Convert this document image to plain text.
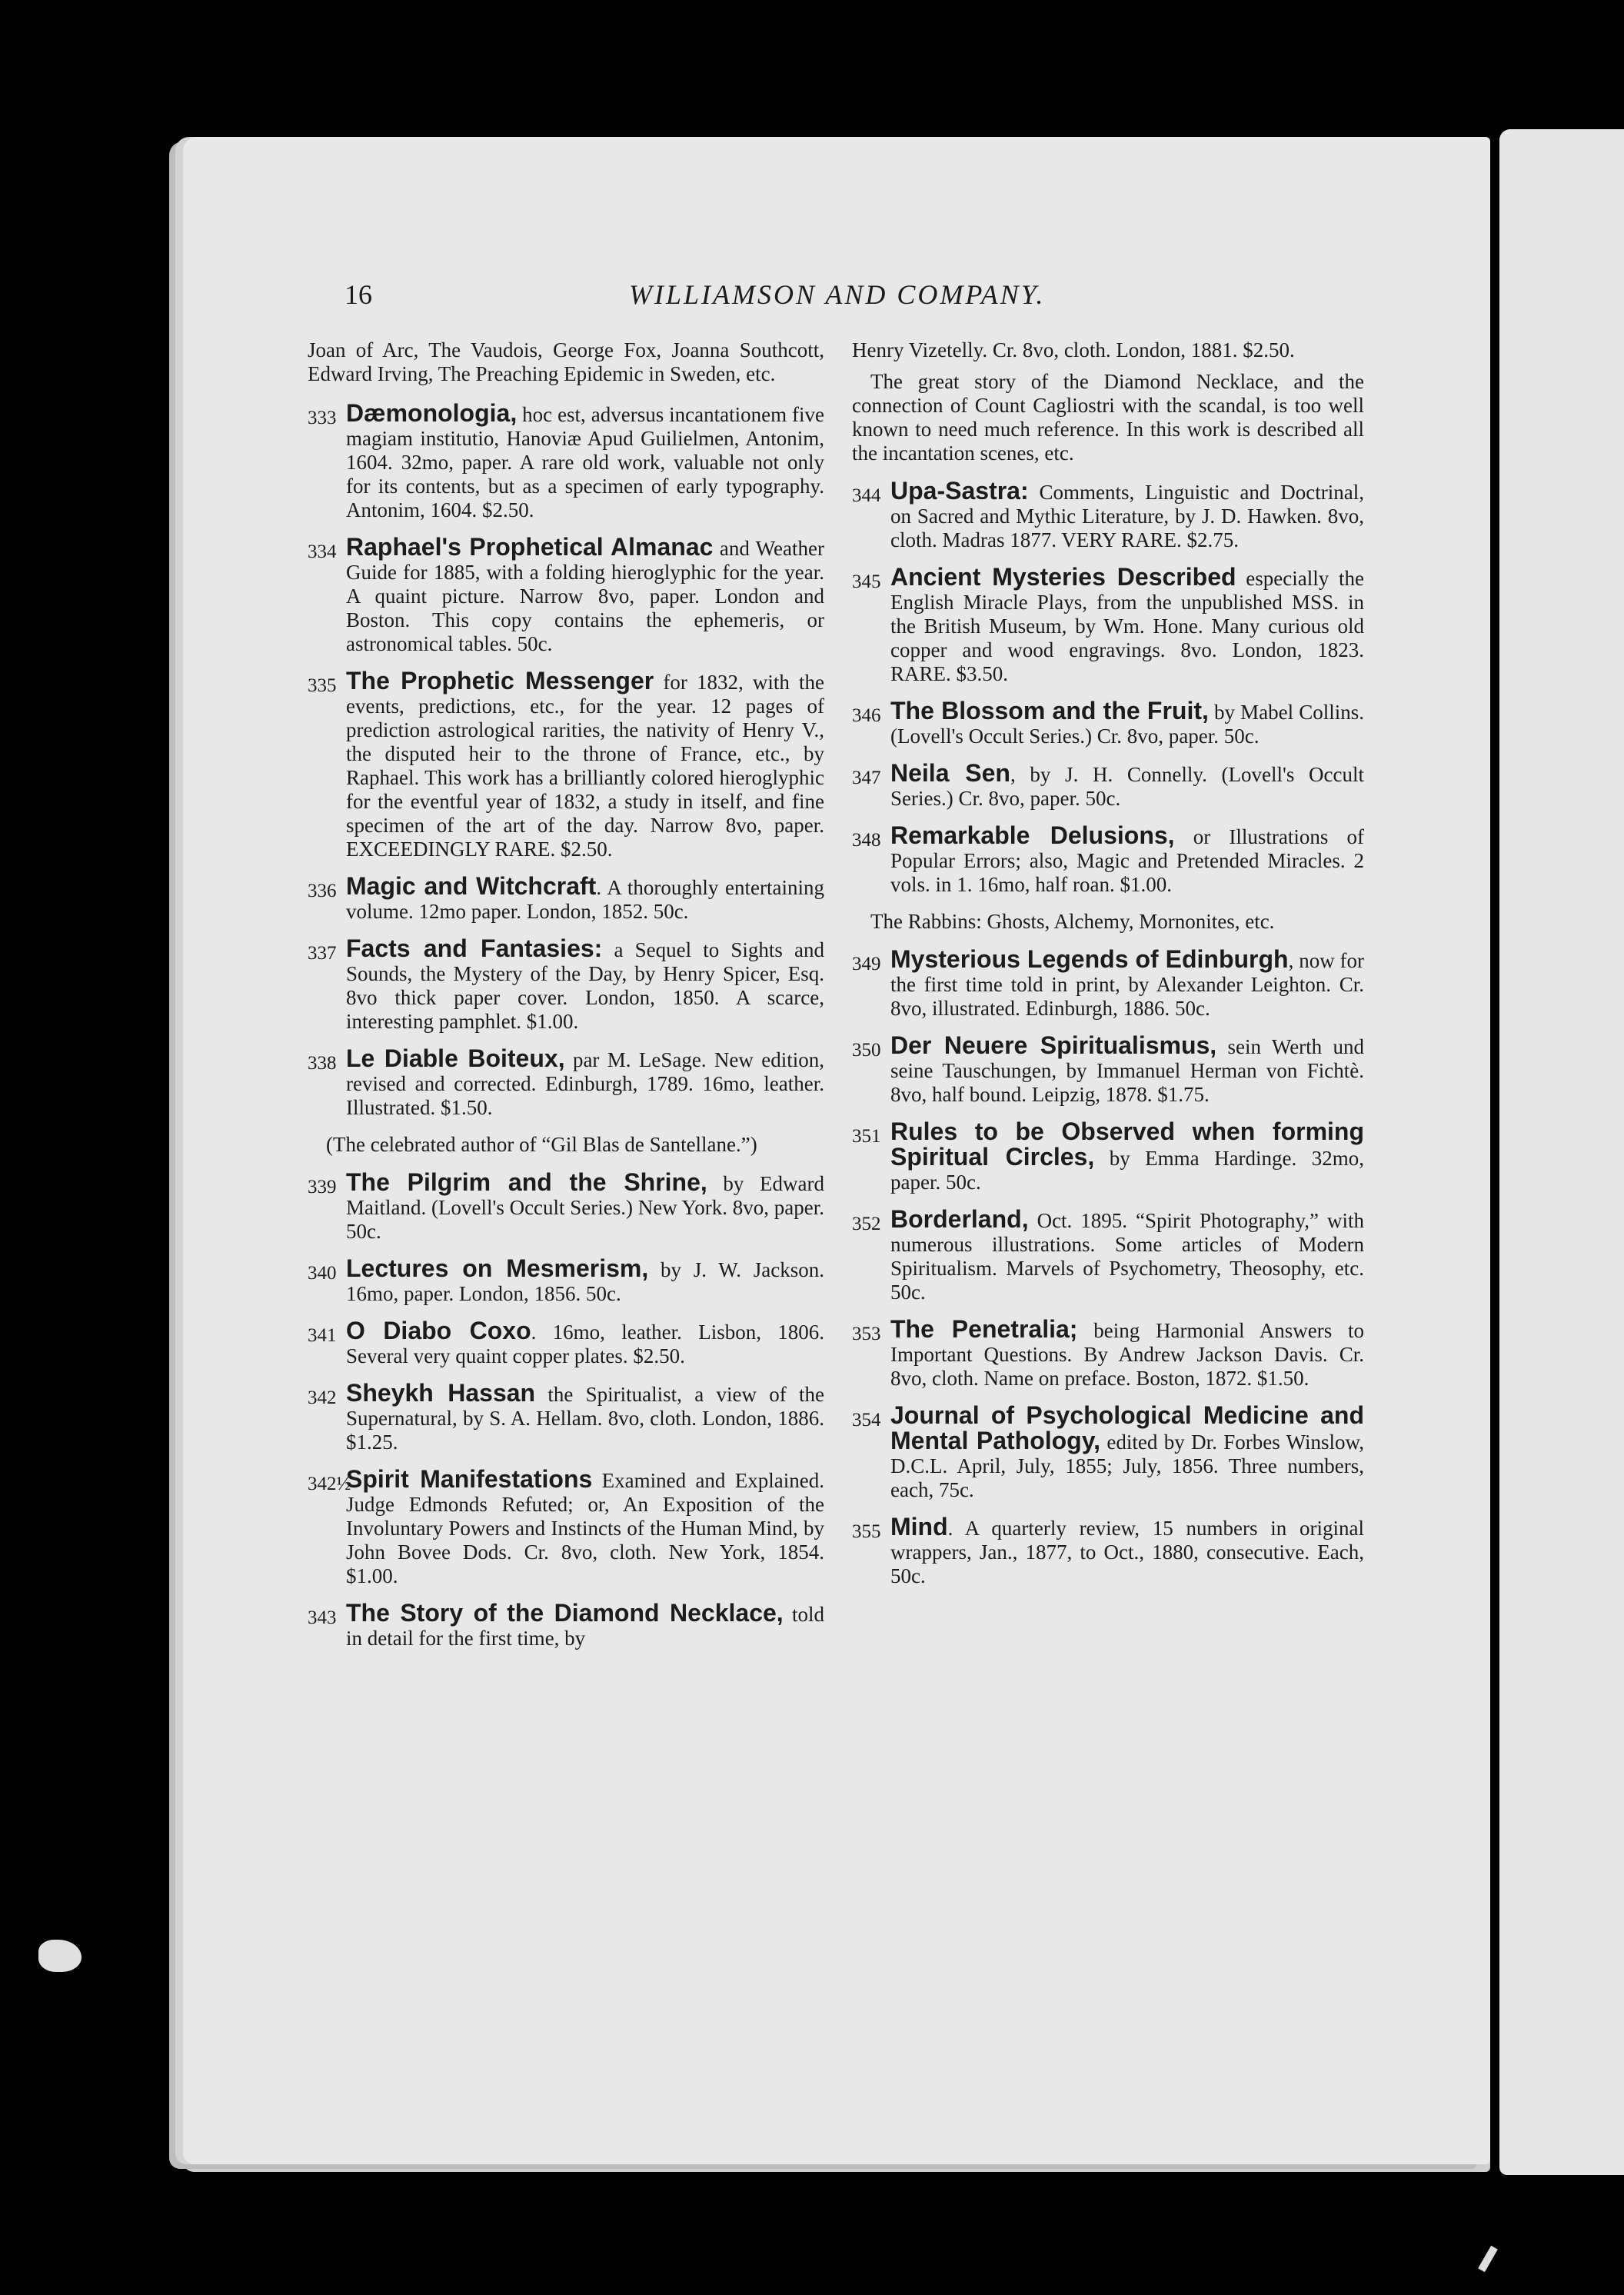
16	WILLIAMSON AND COMPANY.
Joan of Arc, The Vaudois, George Fox, Joanna Southcott, Edward Irving, The Preaching Epidemic in Sweden, etc.
333 Dæmonologia, hoc est, adversus incantationem five magiam institutio, Hanoviæ Apud Guilielmen, Antonim, 1604. 32mo, paper. A rare old work, valuable not only for its contents, but as a specimen of early typography. Antonim, 1604. $2.50.
334 Raphael's Prophetical Almanac and Weather Guide for 1885, with a folding hieroglyphic for the year. A quaint picture. Narrow 8vo, paper. London and Boston. This copy contains the ephemeris, or astronomical tables. 50c.
335 The Prophetic Messenger for 1832, with the events, predictions, etc., for the year. 12 pages of prediction astrological rarities, the nativity of Henry V., the disputed heir to the throne of France, etc., by Raphael. This work has a brilliantly colored hieroglyphic for the eventful year of 1832, a study in itself, and fine specimen of the art of the day. Narrow 8vo, paper. EXCEEDINGLY RARE. $2.50.
336 Magic and Witchcraft. A thoroughly entertaining volume. 12mo paper. London, 1852. 50c.
337 Facts and Fantasies: a Sequel to Sights and Sounds, the Mystery of the Day, by Henry Spicer, Esq. 8vo thick paper cover. London, 1850. A scarce, interesting pamphlet. $1.00.
338 Le Diable Boiteux, par M. LeSage. New edition, revised and corrected. Edinburgh, 1789. 16mo, leather. Illustrated. $1.50.
(The celebrated author of “Gil Blas de Santellane.”)
339 The Pilgrim and the Shrine, by Edward Maitland. (Lovell's Occult Series.) New York. 8vo, paper. 50c.
340 Lectures on Mesmerism, by J. W. Jackson. 16mo, paper. London, 1856. 50c.
341 O Diabo Coxo. 16mo, leather. Lisbon, 1806. Several very quaint copper plates. $2.50.
342 Sheykh Hassan the Spiritualist, a view of the Supernatural, by S. A. Hellam. 8vo, cloth. London, 1886. $1.25.
342½
Spirit Manifestations Examined and Explained. Judge Edmonds Refuted; or, An Exposition of the Involuntary Powers and Instincts of the Human Mind, by John Bovee Dods. Cr. 8vo, cloth. New York, 1854. $1.00.
343 The Story of the Diamond Necklace, told in detail for the first time, by
Henry Vizetelly. Cr. 8vo, cloth. London, 1881. $2.50.
The great story of the Diamond Necklace, and the connection of Count Cagliostri with the scandal, is too well known to need much reference. In this work is described all the incantation scenes, etc.
344 Upa-Sastra: Comments, Linguistic and Doctrinal, on Sacred and Mythic Literature, by J. D. Hawken. 8vo, cloth. Madras 1877. VERY RARE. $2.75.
345 Ancient Mysteries Described especially the English Miracle Plays, from the unpublished MSS. in the British Museum, by Wm. Hone. Many curious old copper and wood engravings. 8vo. London, 1823. RARE. $3.50.
346 The Blossom and the Fruit, by Mabel Collins. (Lovell's Occult Series.) Cr. 8vo, paper. 50c.
347 Neila Sen, by J. H. Connelly. (Lovell's Occult Series.) Cr. 8vo, paper. 50c.
348 Remarkable Delusions, or Illustrations of Popular Errors; also, Magic and Pretended Miracles. 2 vols. in 1. 16mo, half roan. $1.00.
The Rabbins: Ghosts, Alchemy, Mornonites, etc.
349 Mysterious Legends of Edinburgh, now for the first time told in print, by Alexander Leighton. Cr. 8vo, illustrated. Edinburgh, 1886. 50c.
350 Der Neuere Spiritualismus, sein Werth und seine Tauschungen, by Immanuel Herman von Fichtè. 8vo, half bound. Leipzig, 1878. $1.75.
351 Rules to be Observed when forming Spiritual Circles, by Emma Hardinge. 32mo, paper. 50c.
352 Borderland, Oct. 1895. “Spirit Photography,” with numerous illustrations. Some articles of Modern Spiritualism. Marvels of Psychometry, Theosophy, etc. 50c.
353 The Penetralia; being Harmonial Answers to Important Questions. By Andrew Jackson Davis. Cr. 8vo, cloth. Name on preface. Boston, 1872. $1.50.
354 Journal of Psychological Medicine and Mental Pathology, edited by Dr. Forbes Winslow, D.C.L. April, July, 1855; July, 1856. Three numbers, each, 75c.
355 Mind. A quarterly review, 15 numbers in original wrappers, Jan., 1877, to Oct., 1880, consecutive. Each, 50c.
